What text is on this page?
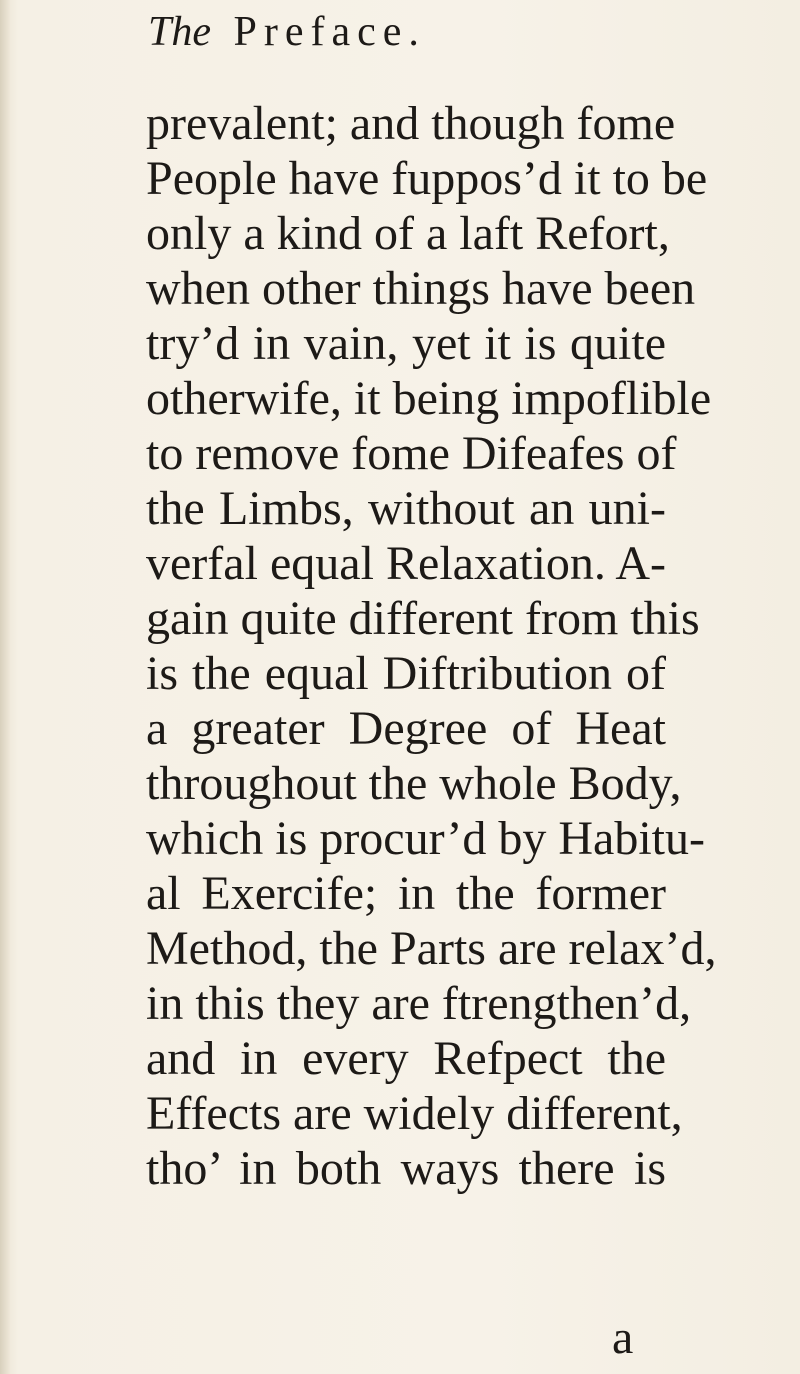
The Preface.
prevalent; and though fome
People have fuppos’d it to be
only a kind of a laft Refort,
when other things have been
try’d in vain, yet it is quite
otherwife, it being impoflible
to remove fome Difeafes of
the Limbs, without an uni-
verfal equal Relaxation. A-
gain quite different from this
is the equal Diftribution of
a greater Degree of Heat
throughout the whole Body,
which is procur’d by Habitu-
al Exercife; in the former
Method, the Parts are relax’d,
in this they are ftrengthen’d,
and in every Refpect the
Effects are widely different,
tho’ in both ways there is
a
